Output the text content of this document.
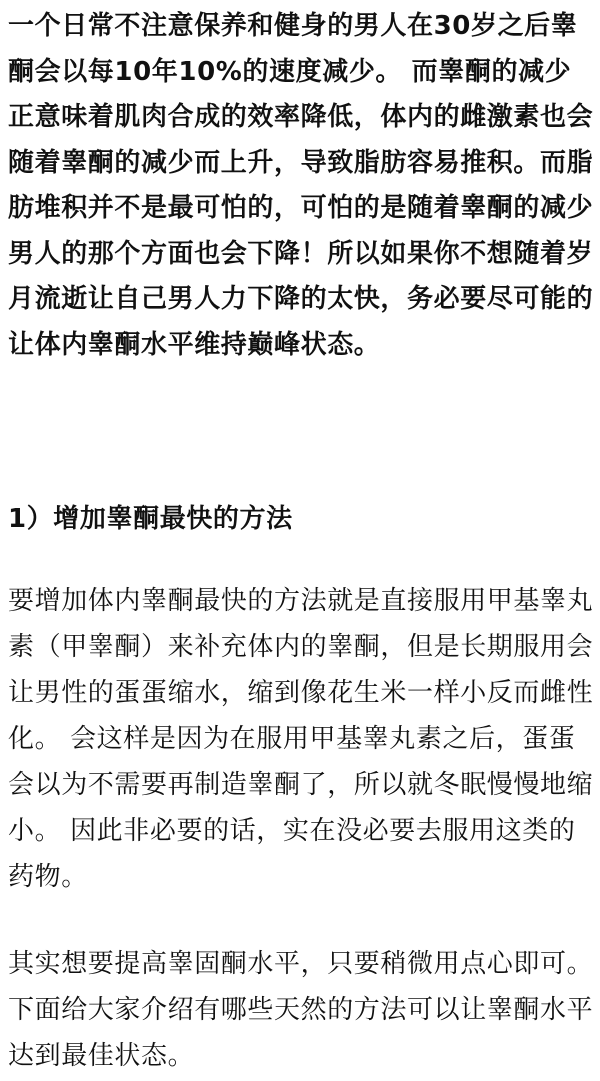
一个日常不注意保养和健身的男人在30岁之后睾酮会以每10年10%的速度减少。 而睾酮的减少正意味着肌肉合成的效率降低，体内的雌激素也会随着睾酮的减少而上升，导致脂肪容易推积。而脂肪堆积并不是最可怕的，可怕的是随着睾酮的减少男人的那个方面也会下降！所以如果你不想随着岁月流逝让自己男人力下降的太快，务必要尽可能的让体内睾酮水平维持巅峰状态。

1）增加睾酮最快的方法

要增加体内睾酮最快的方法就是直接服用甲基睾丸素（甲睾酮）来补充体内的睾酮，但是长期服用会让男性的蛋蛋缩水，缩到像花生米一样小反而雌性化。 会这样是因为在服用甲基睾丸素之后，蛋蛋会以为不需要再制造睾酮了，所以就冬眠慢慢地缩小。 因此非必要的话，实在没必要去服用这类的药物。

其实想要提高睾固酮水平，只要稍微用点心即可。 下面给大家介绍有哪些天然的方法可以让睾酮水平达到最佳状态。
